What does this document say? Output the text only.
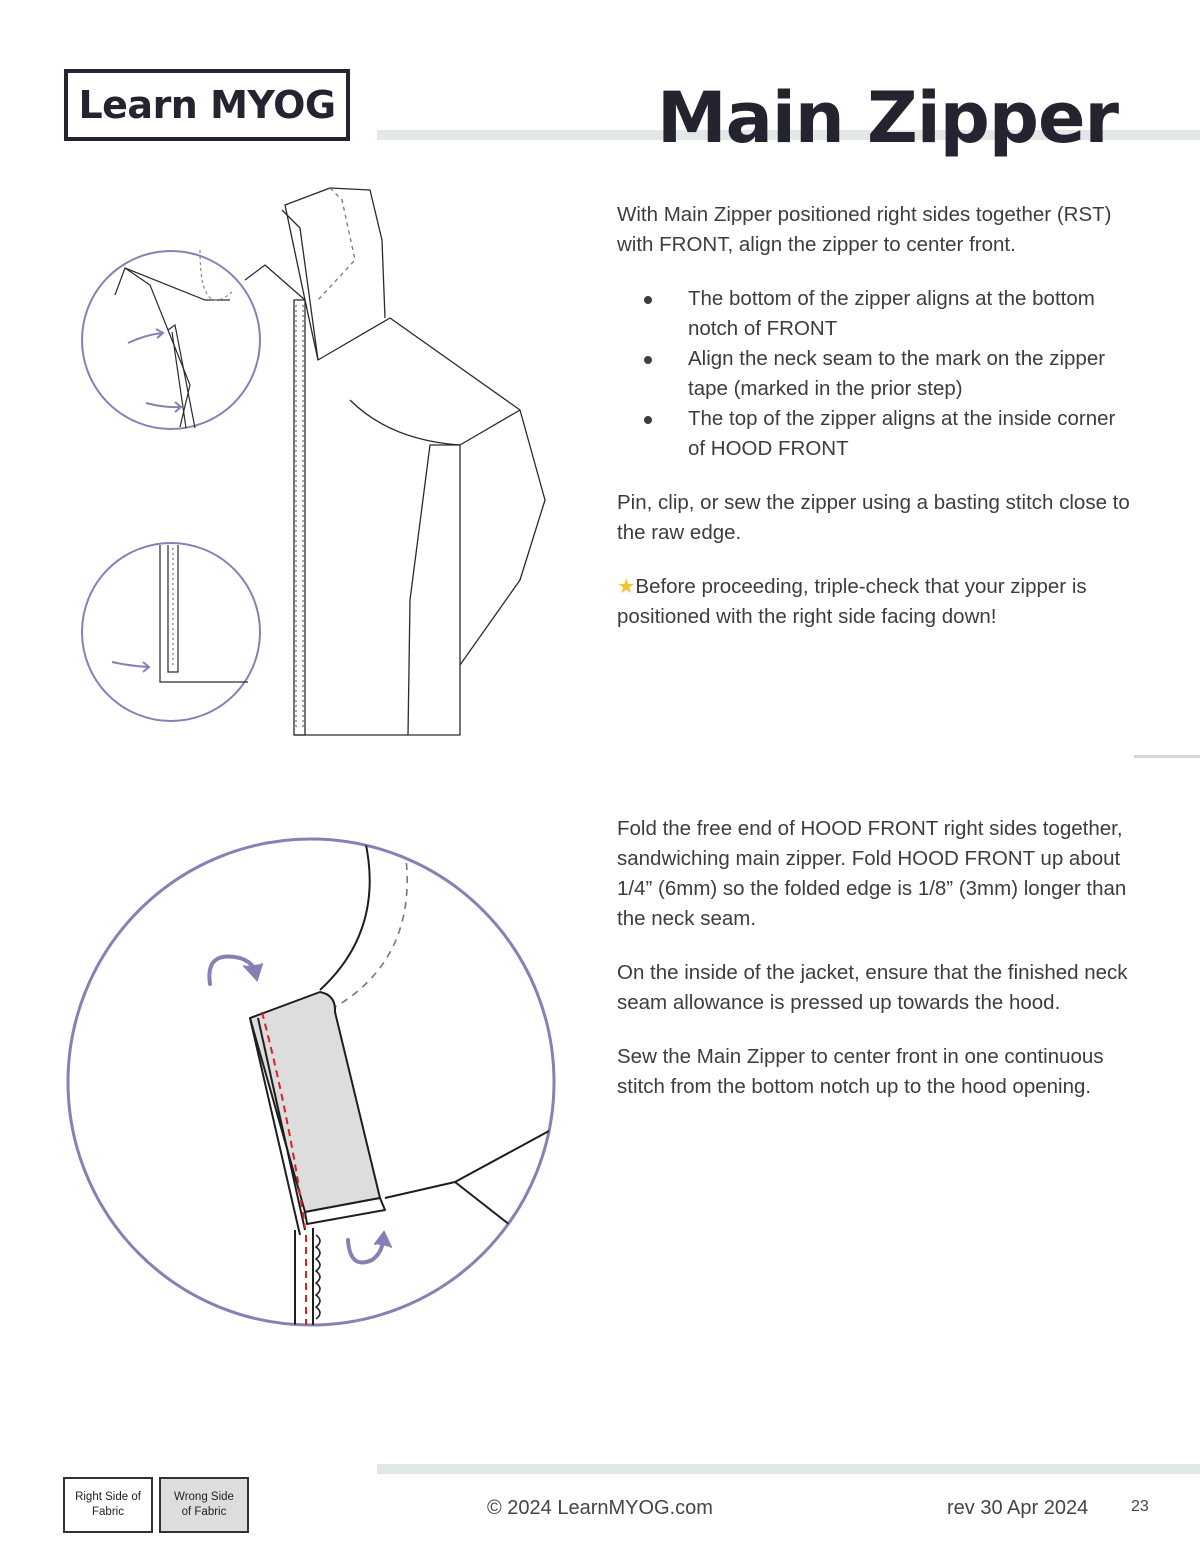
Learn MYOG	Main Zipper

With Main Zipper positioned right sides together (RST) with FRONT, align the zipper to center front.

The bottom of the zipper aligns at the bottom notch of FRONT
Align the neck seam to the mark on the zipper tape (marked in the prior step)
The top of the zipper aligns at the inside corner of HOOD FRONT

Pin, clip, or sew the zipper using a basting stitch close to the raw edge.

★Before proceeding, triple-check that your zipper is positioned with the right side facing down!

Fold the free end of HOOD FRONT right sides together, sandwiching main zipper. Fold HOOD FRONT up about 1/4” (6mm) so the folded edge is 1/8” (3mm) longer than the neck seam.

On the inside of the jacket, ensure that the finished neck seam allowance is pressed up towards the hood.

Sew the Main Zipper to center front in one continuous stitch from the bottom notch up to the hood opening.

Right Side of Fabric
Wrong Side of Fabric	© 2024 LearnMYOG.com	rev 30 Apr 2024	23
